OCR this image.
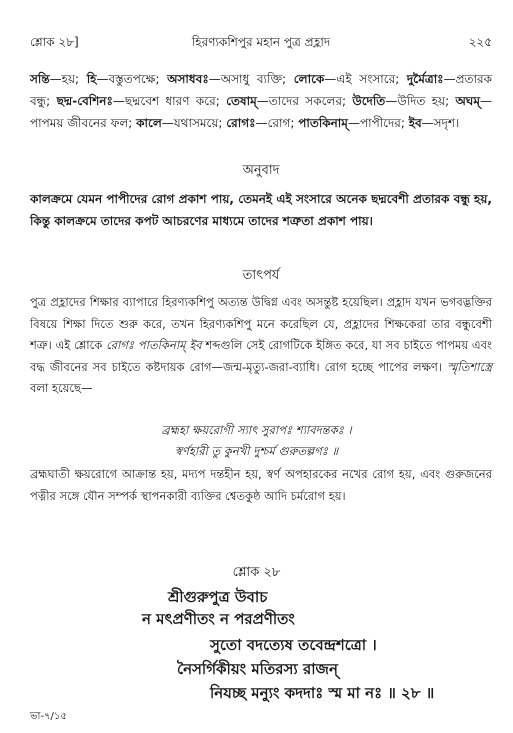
শ্লোক ২৮]	হিরণ্যকশিপুর মহান পুত্র প্রহ্লাদ	২২৫

সন্তি—হয়; হি—বস্তুতপক্ষে; অসাধবঃ—অসাধু ব্যক্তি; লোকে—এই সংসারে; দুর্মৈত্রাঃ—প্রতারক বন্ধু; ছদ্ম-বেশিনঃ—ছদ্মবেশ ধারণ করে; তেষাম্—তাদের সকলের; উদেতি—উদিত হয়; অঘম্—পাপময় জীবনের ফল; কালে—যথাসময়ে; রোগঃ—রোগ; পাতকিনাম্—পাপীদের; ইব—সদৃশ।

অনুবাদ

কালক্রমে যেমন পাপীদের রোগ প্রকাশ পায়, তেমনই এই সংসারে অনেক ছদ্মবেশী প্রতারক বন্ধু হয়, কিন্তু কালক্রমে তাদের কপট আচরণের মাধ্যমে তাদের শত্রুতা প্রকাশ পায়।

তাৎপর্য

পুত্র প্রহ্লাদের শিক্ষার ব্যাপারে হিরণ্যকশিপু অত্যন্ত উদ্বিগ্ন এবং অসন্তুষ্ট হয়েছিল। প্রহ্লাদ যখন ভগবদ্ভক্তির বিষয়ে শিক্ষা দিতে শুরু করে, তখন হিরণ্যকশিপু মনে করেছিল যে, প্রহ্লাদের শিক্ষকেরা তার বন্ধুবেশী শত্রু। এই শ্লোকে রোগঃ পাতকিনাম্ ইব শব্দগুলি সেই রোগটিকে ইঙ্গিত করে, যা সব চাইতে পাপময় এবং বদ্ধ জীবনের সব চাইতে কষ্টদায়ক রোগ—জন্ম-মৃত্যু-জরা-ব্যাধি। রোগ হচ্ছে পাপের লক্ষণ। স্মৃতিশাস্ত্রে বলা হয়েছে—

ব্রহ্মহা ক্ষয়রোগী স্যাৎ সুরাপঃ শ্যাবদন্তকঃ ।
স্বর্ণহারী তু কুনখী দুশ্চর্ম গুরুতল্পগঃ ॥

ব্রহ্মঘাতী ক্ষয়রোগে আক্রান্ত হয়, মদ্যপ দন্তহীন হয়, স্বর্ণ অপহারকের নখের রোগ হয়, এবং গুরুজনের পত্নীর সঙ্গে যৌন সম্পর্ক স্থাপনকারী ব্যক্তির শ্বেতকুষ্ঠ আদি চর্মরোগ হয়।

শ্লোক ২৮
শ্রীগুরুপুত্র উবাচ
ন মৎপ্রণীতং ন পরপ্রণীতং
সুতো বদত্যেষ তবেন্দ্রশত্রো ।
নৈসর্গিকীয়ং মতিরস্য রাজন্
নিযচ্ছ মন্যুং কদদাঃ স্ম মা নঃ ॥ ২৮ ॥
ভা-৭/১৫
